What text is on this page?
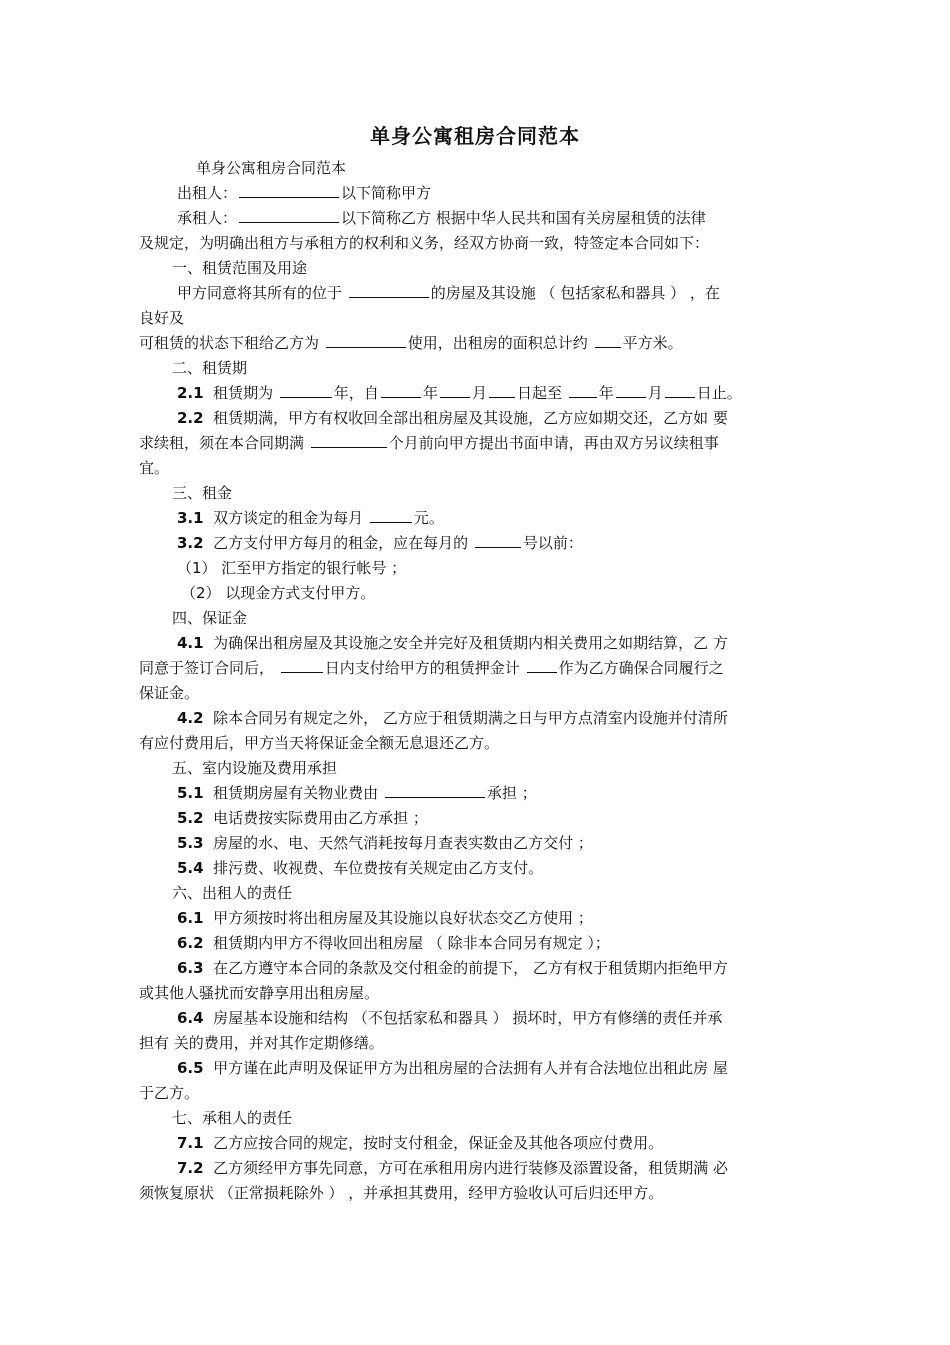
单身公寓租房合同范本

单身公寓租房合同范本

出租人：	以下简称甲方

承租人：	以下简称乙方 根据中华人民共和国有关房屋租赁的法律

及规定，为明确出租方与承租方的权利和义务，经双方协商一致，特签定本合同如下：

一、租赁范围及用途

甲方同意将其所有的位于	的房屋及其设施 （ 包括家私和器具 ） ，在

良好及

可租赁的状态下租给乙方为	使用，出租房的面积总计约 平方米。

二、租赁期

2.1 租赁期为	年，自	年 月 日起至 年 月 日止。

2.2 租赁期满，甲方有权收回全部出租房屋及其设施，乙方应如期交还，乙方如 要

求续租，须在本合同期满	个月前向甲方提出书面申请，再由双方另议续租事

宜。

三、租金

3.1 双方谈定的租金为每月	元。

3.2 乙方支付甲方每月的租金，应在每月的	号以前：

（1） 汇至甲方指定的银行帐号 ；

（2） 以现金方式支付甲方。

四、保证金

4.1 为确保出租房屋及其设施之安全并完好及租赁期内相关费用之如期结算，乙 方

同意于签订合同后，	日内支付给甲方的租赁押金计	作为乙方确保合同履行之

保证金。

4.2 除本合同另有规定之外， 乙方应于租赁期满之日与甲方点清室内设施并付清所

有应付费用后，甲方当天将保证金全额无息退还乙方。

五、室内设施及费用承担

5.1 租赁期房屋有关物业费由	承担 ；

5.2 电话费按实际费用由乙方承担 ；

5.3 房屋的水、电、天然气消耗按每月查表实数由乙方交付 ；

5.4 排污费、收视费、车位费按有关规定由乙方支付。

六、出租人的责任

6.1 甲方须按时将出租房屋及其设施以良好状态交乙方使用 ；

6.2 租赁期内甲方不得收回出租房屋 （ 除非本合同另有规定 ）；

6.3 在乙方遵守本合同的条款及交付租金的前提下， 乙方有权于租赁期内拒绝甲方

或其他人骚扰而安静享用出租房屋。

6.4 房屋基本设施和结构 （不包括家私和器具 ） 损坏时，甲方有修缮的责任并承

担有 关的费用，并对其作定期修缮。

6.5 甲方谨在此声明及保证甲方为出租房屋的合法拥有人并有合法地位出租此房 屋

于乙方。

七、承租人的责任

7.1 乙方应按合同的规定，按时支付租金，保证金及其他各项应付费用。

7.2 乙方须经甲方事先同意，方可在承租用房内进行装修及添置设备，租赁期满 必

须恢复原状 （正常损耗除外 ） ，并承担其费用，经甲方验收认可后归还甲方。
